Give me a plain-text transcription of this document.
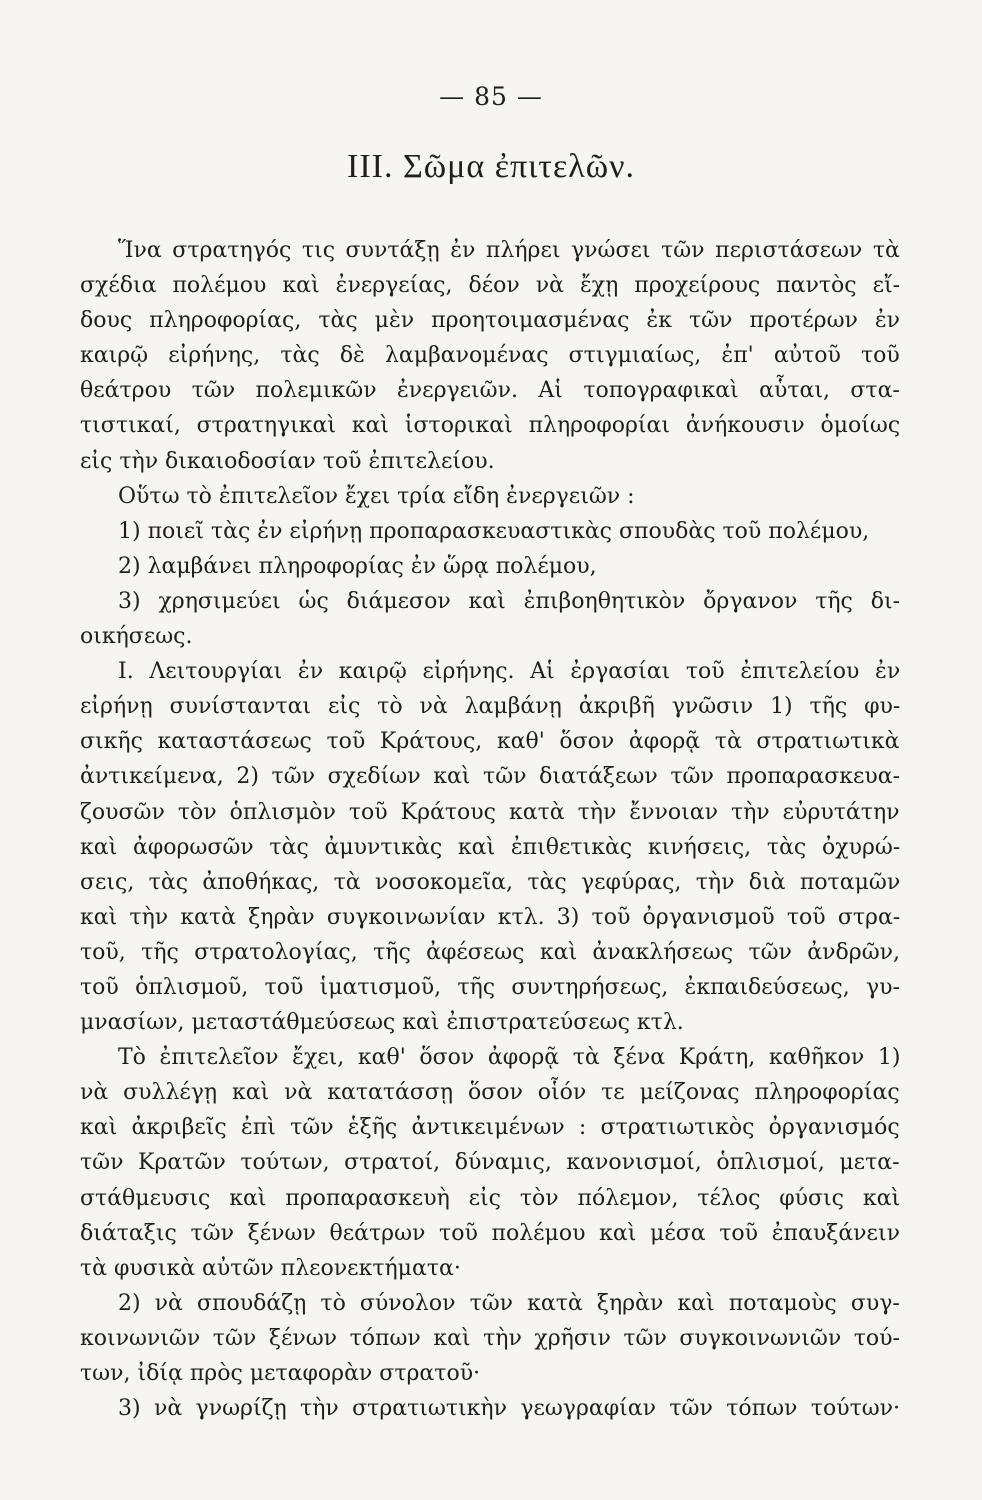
— 85 —
III. Σῶμα ἐπιτελῶν.
Ἵνα στρατηγός τις συντάξῃ ἐν πλήρει γνώσει τῶν περιστάσεων τὰ
σχέδια πολέμου καὶ ἐνεργείας, δέον νὰ ἔχῃ προχείρους παντὸς εἴ-
δους πληροφορίας, τὰς μὲν προητοιμασμένας ἐκ τῶν προτέρων ἐν
καιρῷ εἰρήνης, τὰς δὲ λαμβανομένας στιγμιαίως, ἐπ' αὐτοῦ τοῦ
θεάτρου τῶν πολεμικῶν ἐνεργειῶν. Αἱ τοπογραφικαὶ αὗται, στα-
τιστικαί, στρατηγικαὶ καὶ ἱστορικαὶ πληροφορίαι ἀνήκουσιν ὁμοίως
εἰς τὴν δικαιοδοσίαν τοῦ ἐπιτελείου.
Οὕτω τὸ ἐπιτελεῖον ἔχει τρία εἴδη ἐνεργειῶν :
1) ποιεῖ τὰς ἐν εἰρήνῃ προπαρασκευαστικὰς σπουδὰς τοῦ πολέμου,
2) λαμβάνει πληροφορίας ἐν ὥρᾳ πολέμου,
3) χρησιμεύει ὡς διάμεσον καὶ ἐπιβοηθητικὸν ὄργανον τῆς δι-
οικήσεως.
I. Λειτουργίαι ἐν καιρῷ εἰρήνης. Αἱ ἐργασίαι τοῦ ἐπιτελείου ἐν
εἰρήνῃ συνίστανται εἰς τὸ νὰ λαμβάνῃ ἀκριβῆ γνῶσιν 1) τῆς φυ-
σικῆς καταστάσεως τοῦ Κράτους, καθ' ὅσον ἀφορᾷ τὰ στρατιωτικὰ
ἀντικείμενα, 2) τῶν σχεδίων καὶ τῶν διατάξεων τῶν προπαρασκευα-
ζουσῶν τὸν ὁπλισμὸν τοῦ Κράτους κατὰ τὴν ἔννοιαν τὴν εὐρυτάτην
καὶ ἀφορωσῶν τὰς ἀμυντικὰς καὶ ἐπιθετικὰς κινήσεις, τὰς ὀχυρώ-
σεις, τὰς ἀποθήκας, τὰ νοσοκομεῖα, τὰς γεφύρας, τὴν διὰ ποταμῶν
καὶ τὴν κατὰ ξηρὰν συγκοινωνίαν κτλ. 3) τοῦ ὀργανισμοῦ τοῦ στρα-
τοῦ, τῆς στρατολογίας, τῆς ἀφέσεως καὶ ἀνακλήσεως τῶν ἀνδρῶν,
τοῦ ὁπλισμοῦ, τοῦ ἱματισμοῦ, τῆς συντηρήσεως, ἐκπαιδεύσεως, γυ-
μνασίων, μεταστάθμεύσεως καὶ ἐπιστρατεύσεως κτλ.
Τὸ ἐπιτελεῖον ἔχει, καθ' ὅσον ἀφορᾷ τὰ ξένα Κράτη, καθῆκον 1)
νὰ συλλέγῃ καὶ νὰ κατατάσσῃ ὅσον οἷόν τε μείζονας πληροφορίας
καὶ ἀκριβεῖς ἐπὶ τῶν ἑξῆς ἀντικειμένων : στρατιωτικὸς ὀργανισμός
τῶν Κρατῶν τούτων, στρατοί, δύναμις, κανονισμοί, ὁπλισμοί, μετα-
στάθμευσις καὶ προπαρασκευὴ εἰς τὸν πόλεμον, τέλος φύσις καὶ
διάταξις τῶν ξένων θεάτρων τοῦ πολέμου καὶ μέσα τοῦ ἐπαυξάνειν
τὰ φυσικὰ αὐτῶν πλεονεκτήματα·
2) νὰ σπουδάζῃ τὸ σύνολον τῶν κατὰ ξηρὰν καὶ ποταμοὺς συγ-
κοινωνιῶν τῶν ξένων τόπων καὶ τὴν χρῆσιν τῶν συγκοινωνιῶν τού-
των, ἰδίᾳ πρὸς μεταφορὰν στρατοῦ·
3) νὰ γνωρίζῃ τὴν στρατιωτικὴν γεωγραφίαν τῶν τόπων τούτων·
